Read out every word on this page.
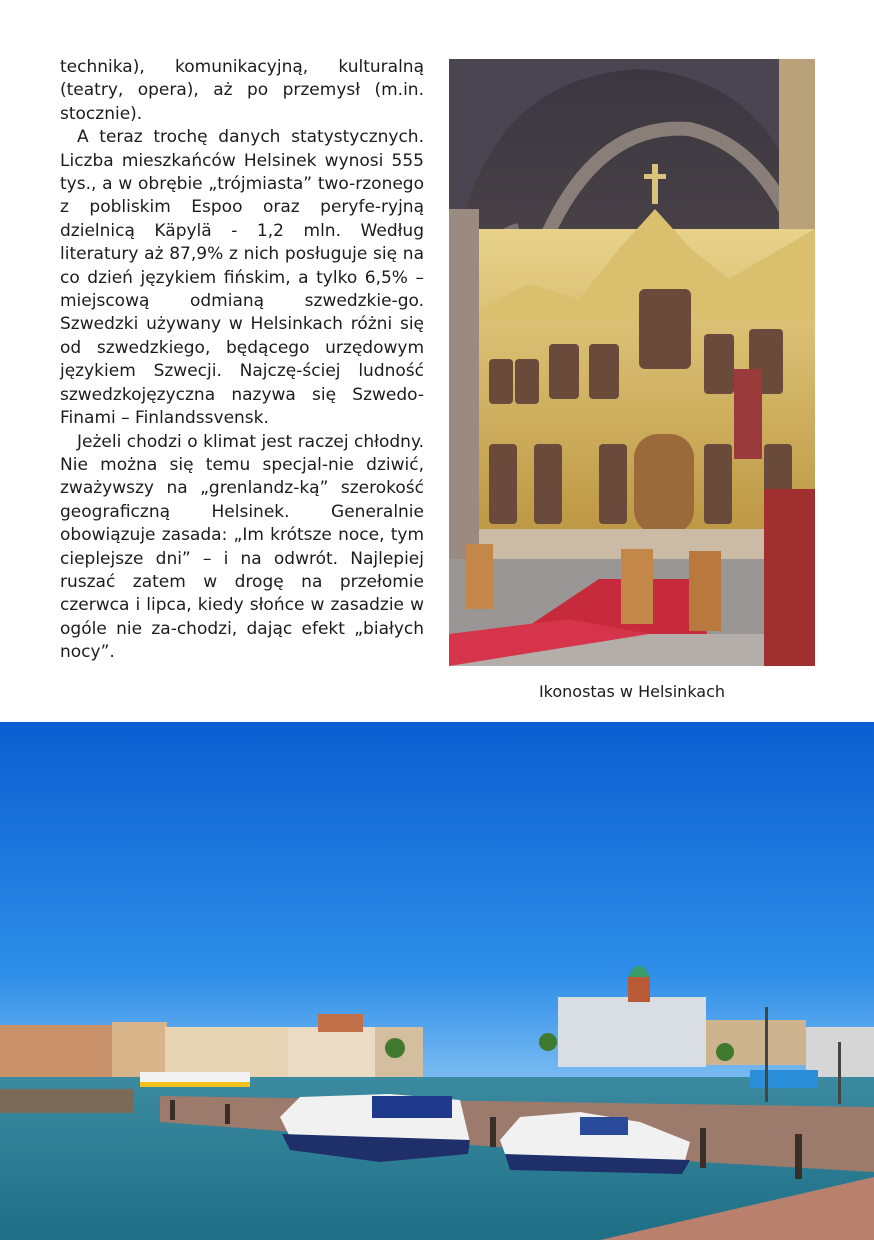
technika), komunikacyjną, kulturalną (teatry, opera), aż po przemysł (m.in. stocznie).

A teraz trochę danych statystycznych. Liczba mieszkańców Helsinek wynosi 555 tys., a w obrębie „trójmiasta” two-rzonego z pobliskim Espoo oraz peryfe-ryjną dzielnicą Käpylä - 1,2 mln. Według literatury aż 87,9% z nich posługuje się na co dzień językiem fińskim, a tylko 6,5% – miejscową odmianą szwedzkie-go. Szwedzki używany w Helsinkach różni się od szwedzkiego, będącego urzędowym językiem Szwecji. Najczę-ściej ludność szwedzkojęzyczna nazywa się Szwedo-Finami – Finlandssvensk.

Jeżeli chodzi o klimat jest raczej chłodny. Nie można się temu specjal-nie dziwić, zważywszy na „grenlandz-ką” szerokość geograficzną Helsinek. Generalnie obowiązuje zasada: „Im krótsze noce, tym cieplejsze dni” – i na odwrót. Najlepiej ruszać zatem w drogę na przełomie czerwca i lipca, kiedy słońce w zasadzie w ogóle nie za-chodzi, dając efekt „białych nocy”.

Ikonostas w Helsinkach
